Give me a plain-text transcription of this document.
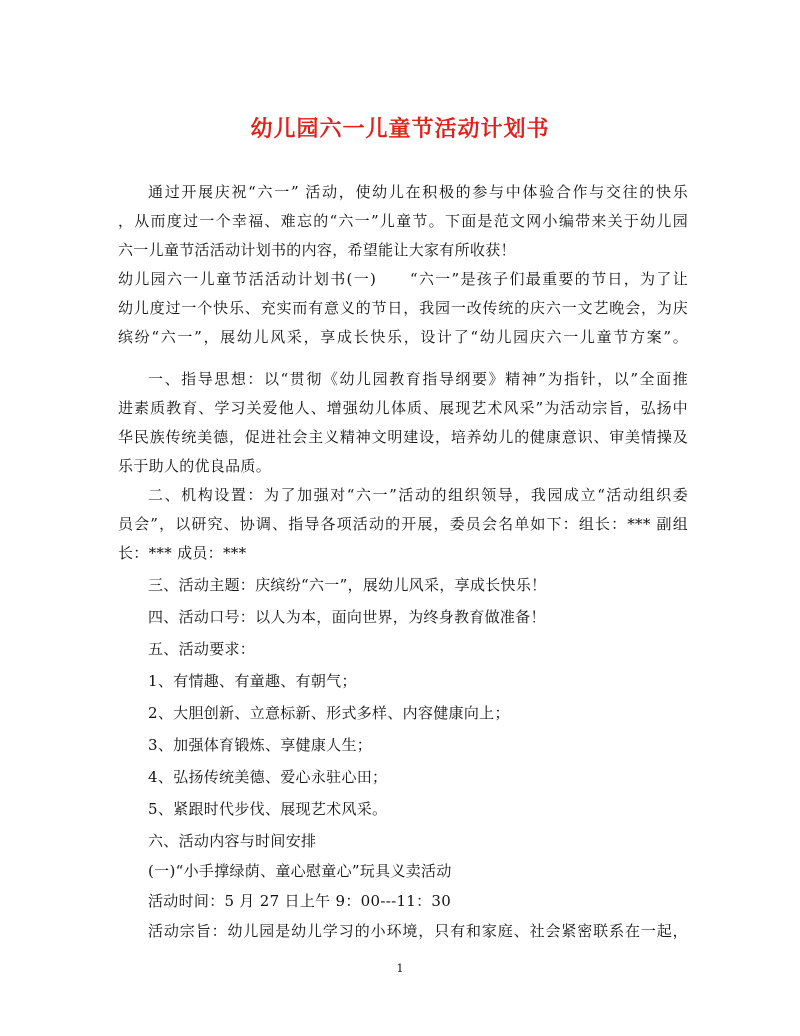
幼儿园六一儿童节活动计划书
通过开展庆祝“六一” 活动，使幼儿在积极的参与中体验合作与交往的快乐
，从而度过一个幸福、难忘的“六一”儿童节。下面是范文网小编带来关于幼儿园
六一儿童节活活动计划书的内容，希望能让大家有所收获！
幼儿园六一儿童节活活动计划书(一)　　“六一”是孩子们最重要的节日，为了让
幼儿度过一个快乐、充实而有意义的节日，我园一改传统的庆六一文艺晚会，为庆
缤纷“六一”，展幼儿风采，享成长快乐，设计了“幼儿园庆六一儿童节方案”。
一、指导思想：以“贯彻《幼儿园教育指导纲要》精神”为指针，以”全面推
进素质教育、学习关爱他人、增强幼儿体质、展现艺术风采”为活动宗旨，弘扬中
华民族传统美德，促进社会主义精神文明建设，培养幼儿的健康意识、审美情操及
乐于助人的优良品质。
二、机构设置：为了加强对“六一”活动的组织领导，我园成立“活动组织委
员会”，以研究、协调、指导各项活动的开展，委员会名单如下：组长：*** 副组
长：*** 成员：***
三、活动主题：庆缤纷“六一”，展幼儿风采，享成长快乐！
四、活动口号：以人为本，面向世界，为终身教育做准备！
五、活动要求：
1、有情趣、有童趣、有朝气；
2、大胆创新、立意标新、形式多样、内容健康向上；
3、加强体育锻炼、享健康人生；
4、弘扬传统美德、爱心永驻心田；
5、紧跟时代步伐、展现艺术风采。
六、活动内容与时间安排
(一)“小手撑绿荫、童心慰童心”玩具义卖活动
活动时间：5 月 27 日上午 9：00---11：30
活动宗旨：幼儿园是幼儿学习的小环境，只有和家庭、社会紧密联系在一起，
1
